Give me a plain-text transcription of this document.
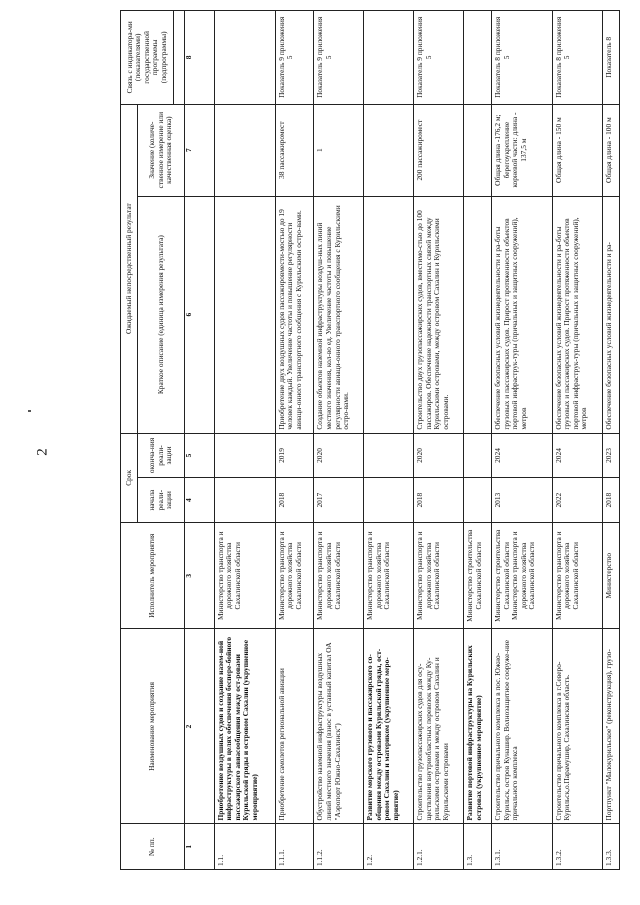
2
№ пп.	Наименование мероприятия	Исполнитель мероприятия	Срок		Ожидаемый непосредственный результат		Связь с индикатора-ми (показателями) государственной программы (подпрограммы)
			начала реали-зации	оконча-ния реали-зации	Краткое описание (единица измерения результата)	Значение (количе-ственное измерение или качественная оценка)	

1	2	3	4	5	6	7	8
1.1.	Приобретение воздушных судов и создание назем-ной инфраструктуры в целях обеспечения беспере-бойного пассажирского авиасообщения между ост-ровами Курильской гряды и островом Сахалин (укрупненное мероприятие)	Министерство транспорта и дорожного хозяйства Сахалинской области					
1.1.1.	Приобретение самолетов региональной авиации	Министерство транспорта и дорожного хозяйства Сахалинской области	2018	2019	Приобретение двух воздушных судов пассажировмести-мостью до 19 человек каждый. Увеличение частоты и повышение регулярности авиаци-онного транспортного сообщения с Курильскими остро-вами.	38 пассажиромест	Показатель 9 приложения 5
1.1.2.	Обустройство наземной инфраструктуры воздушных линий местного значения (взнос в уставный капитал ОА "Аэропорт Южно-Сахалинск")	Министерство транспорта и дорожного хозяйства Сахалинской области	2017	2020	Создание объектов наземной инфраструктуры воздуш-ных линий местного значения, кол-во ед. Увеличение частоты и повышение регулярности авиаци-онного транспортного сообщения с Курильскими остро-вами.	1	Показатель 9 приложения 5
1.2.	Развитие морского грузового и пассажирского со-общения между островами Курильской гряды, ост-ровом Сахалин и материком (укрупненное меро-приятие)	Министерство транспорта и дорожного хозяйства Сахалинской области					
1.2.1.	Строительство грузопассажирских судов для осу-ществления внутриобластных перевозок между Ку-рильскими островами и между островом Сахалин и Курильскими островами	Министерство транспорта и дорожного хозяйства Сахалинской области	2018	2020	Строительство двух грузопассажирских судов, вместимо-стью до 100 пассажиров. Обеспечение надежности транспортных связей между Курильскими островами, между островом Сахалин и Курильскими островами.	200 пассажиромест	Показатель 9 приложения 5
1.3.	Развитие портовой инфраструктуры на Курильских островах (укрупненное мероприятие)	Министерство строительства Сахалинской области					
1.3.1.	Строительство причального комплекса в пос. Южно-Курильск, остров Кунашир. Волнозащитное сооруже-ние причального комплекса	Министерство строительства Сахалинской области Министерство транспорта и дорожного хозяйства Сахалинской области	2013	2024	Обеспечение безопасных условий жизнедеятельности и ра-боты грузовых и пассажирских судов. Прирост протяженности объектов портовой инфраструк-туры (причальных и защитных сооружений), метров	Общая длина -176,2 м; берегоукрепление корневой части: длина - 137,5 м	Показатель 8 приложения 5
1.3.2.	Строительство причального комплекса в г.Северо-Курильск,о.Парамушир, Сахалинская область.	Министерство транспорта и дорожного хозяйства Сахалинской области	2022	2024	Обеспечение безопасных условий жизнедеятельности и ра-боты грузовых и пассажирских судов. Прирост протяженности объектов портовой инфраструк-туры (причальных и защитных сооружений), метров	Общая длина - 150 м	Показатель 8 приложения 5
1.3.3.	Портпункт "Малокурильское" (реконструкция), грузо-	Министерство	2018	2023	Обеспечение безопасных условий жизнедеятельности и ра-	Общая длина - 100 м	Показатель 8
